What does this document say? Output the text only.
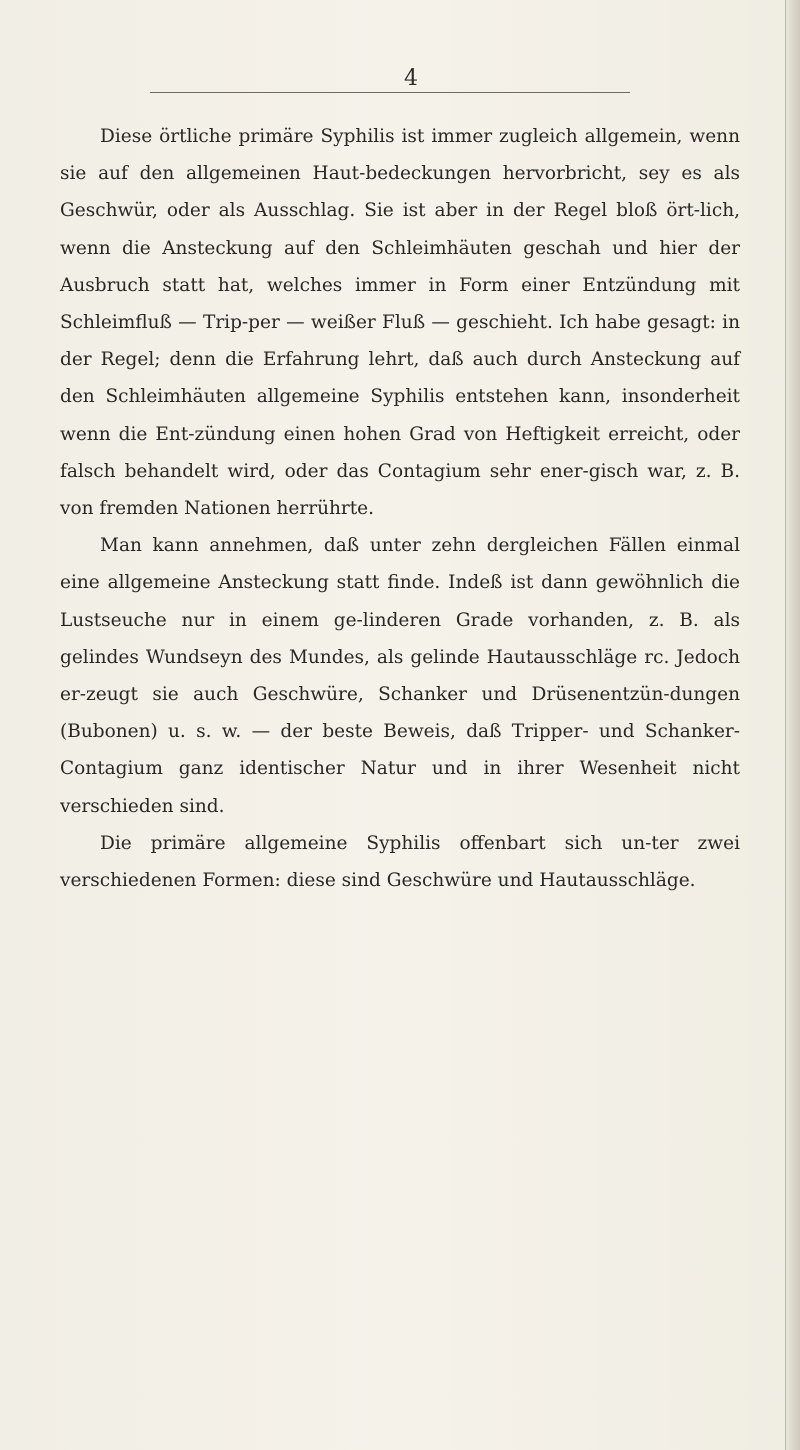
4

Diese örtliche primäre Syphilis ist immer zugleich allgemein, wenn sie auf den allgemeinen Haut-bedeckungen hervorbricht, sey es als Geschwür, oder als Ausschlag. Sie ist aber in der Regel bloß ört-lich, wenn die Ansteckung auf den Schleimhäuten geschah und hier der Ausbruch statt hat, welches immer in Form einer Entzündung mit Schleimfluß — Trip-per — weißer Fluß — geschieht. Ich habe gesagt: in der Regel; denn die Erfahrung lehrt, daß auch durch Ansteckung auf den Schleimhäuten allgemeine Syphilis entstehen kann, insonderheit wenn die Ent-zündung einen hohen Grad von Heftigkeit erreicht, oder falsch behandelt wird, oder das Contagium sehr ener-gisch war, z. B. von fremden Nationen herrührte.

Man kann annehmen, daß unter zehn dergleichen Fällen einmal eine allgemeine Ansteckung statt finde. Indeß ist dann gewöhnlich die Lustseuche nur in einem ge-linderen Grade vorhanden, z. B. als gelindes Wundseyn des Mundes, als gelinde Hautausschläge rc. Jedoch er-zeugt sie auch Geschwüre, Schanker und Drüsenentzün-dungen (Bubonen) u. s. w. — der beste Beweis, daß Tripper- und Schanker-Contagium ganz identischer Natur und in ihrer Wesenheit nicht verschieden sind.

Die primäre allgemeine Syphilis offenbart sich un-ter zwei verschiedenen Formen: diese sind Geschwüre und Hautausschläge.
